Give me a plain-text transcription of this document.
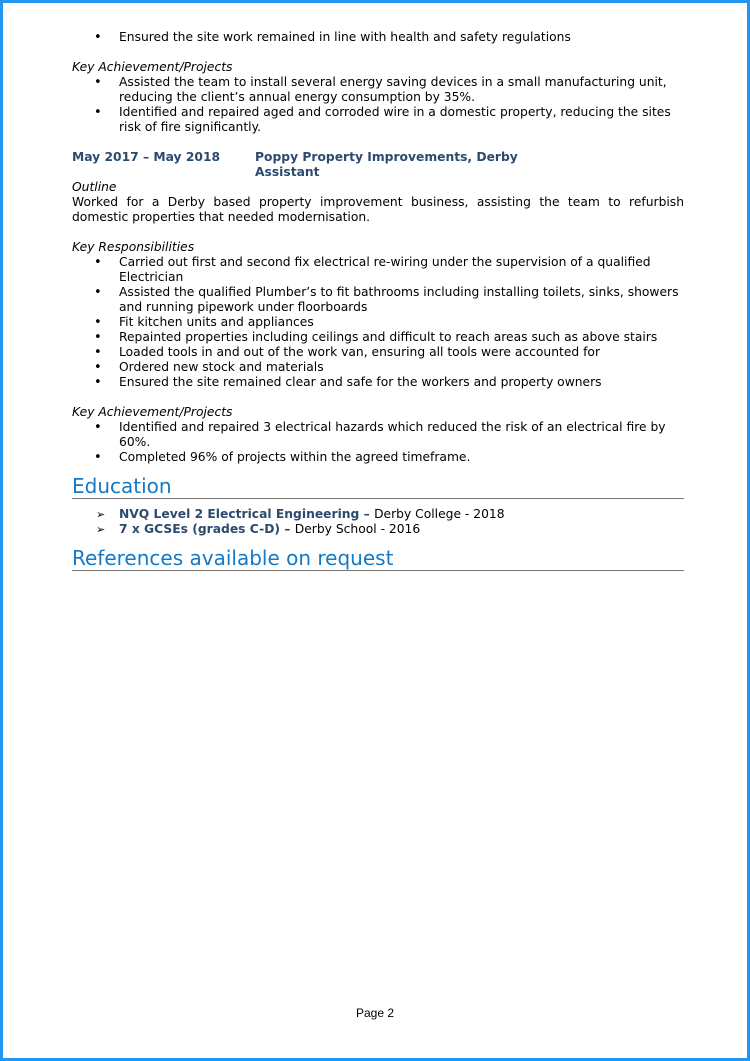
• Ensured the site work remained in line with health and safety regulations

Key Achievement/Projects

• Assisted the team to install several energy saving devices in a small manufacturing unit, reducing the client’s annual energy consumption by 35%.
• Identified and repaired aged and corroded wire in a domestic property, reducing the sites risk of fire significantly.
May 2017 – May 2018	Poppy Property Improvements, Derby
Assistant

Outline

Worked for a Derby based property improvement business, assisting the team to refurbish domestic properties that needed modernisation.

Key Responsibilities

• Carried out first and second fix electrical re-wiring under the supervision of a qualified Electrician
• Assisted the qualified Plumber’s to fit bathrooms including installing toilets, sinks, showers and running pipework under floorboards
• Fit kitchen units and appliances
• Repainted properties including ceilings and difficult to reach areas such as above stairs
• Loaded tools in and out of the work van, ensuring all tools were accounted for
• Ordered new stock and materials
• Ensured the site remained clear and safe for the workers and property owners

Key Achievement/Projects

• Identified and repaired 3 electrical hazards which reduced the risk of an electrical fire by 60%.
• Completed 96% of projects within the agreed timeframe.
Education
➢ NVQ Level 2 Electrical Engineering – Derby College - 2018
➢ 7 x GCSEs (grades C-D) – Derby School - 2016
References available on request
Page 2
